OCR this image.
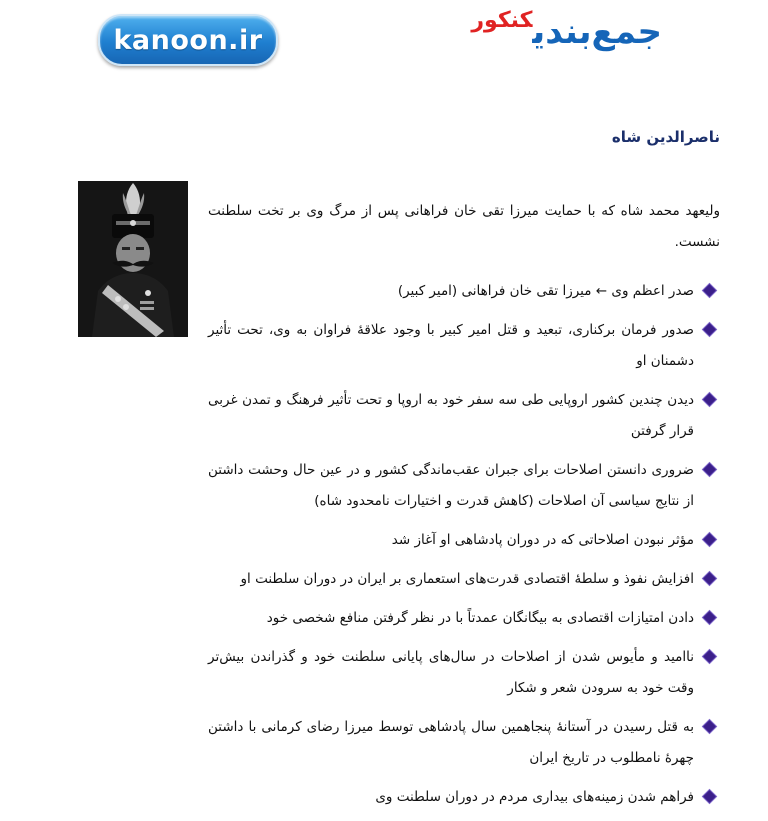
kanoon.ir	جمع‌بندیکنکور
ناصرالدین شاه
ولیعهد محمد شاه که با حمایت میرزا تقی خان فراهانی پس از مرگ وی بر تخت سلطنت نشست.
صدر اعظم وی ← میرزا تقی خان فراهانی (امیر کبیر)
صدور فرمان برکناری، تبعید و قتل امیر کبیر با وجود علاقهٔ فراوان به وی، تحت تأثیر دشمنان او
دیدن چندین کشور اروپایی طی سه سفر خود به اروپا و تحت تأثیر فرهنگ و تمدن غربی قرار گرفتن
ضروری دانستن اصلاحات برای جبران عقب‌ماندگی کشور و در عین حال وحشت داشتن از نتایج سیاسی آن اصلاحات (کاهش قدرت و اختیارات نامحدود شاه)
مؤثر نبودن اصلاحاتی که در دوران پادشاهی او آغاز شد
افزایش نفوذ و سلطهٔ اقتصادی قدرت‌های استعماری بر ایران در دوران سلطنت او
دادن امتیازات اقتصادی به بیگانگان عمدتاً با در نظر گرفتن منافع شخصی خود
ناامید و مأیوس شدن از اصلاحات در سال‌های پایانی سلطنت خود و گذراندن بیش‌تر وقت خود به سرودن شعر و شکار
به قتل رسیدن در آستانهٔ پنجاهمین سال پادشاهی توسط میرزا رضای کرمانی با داشتن چهرهٔ نامطلوب در تاریخ ایران
فراهم شدن زمینه‌های بیداری مردم در دوران سلطنت وی
